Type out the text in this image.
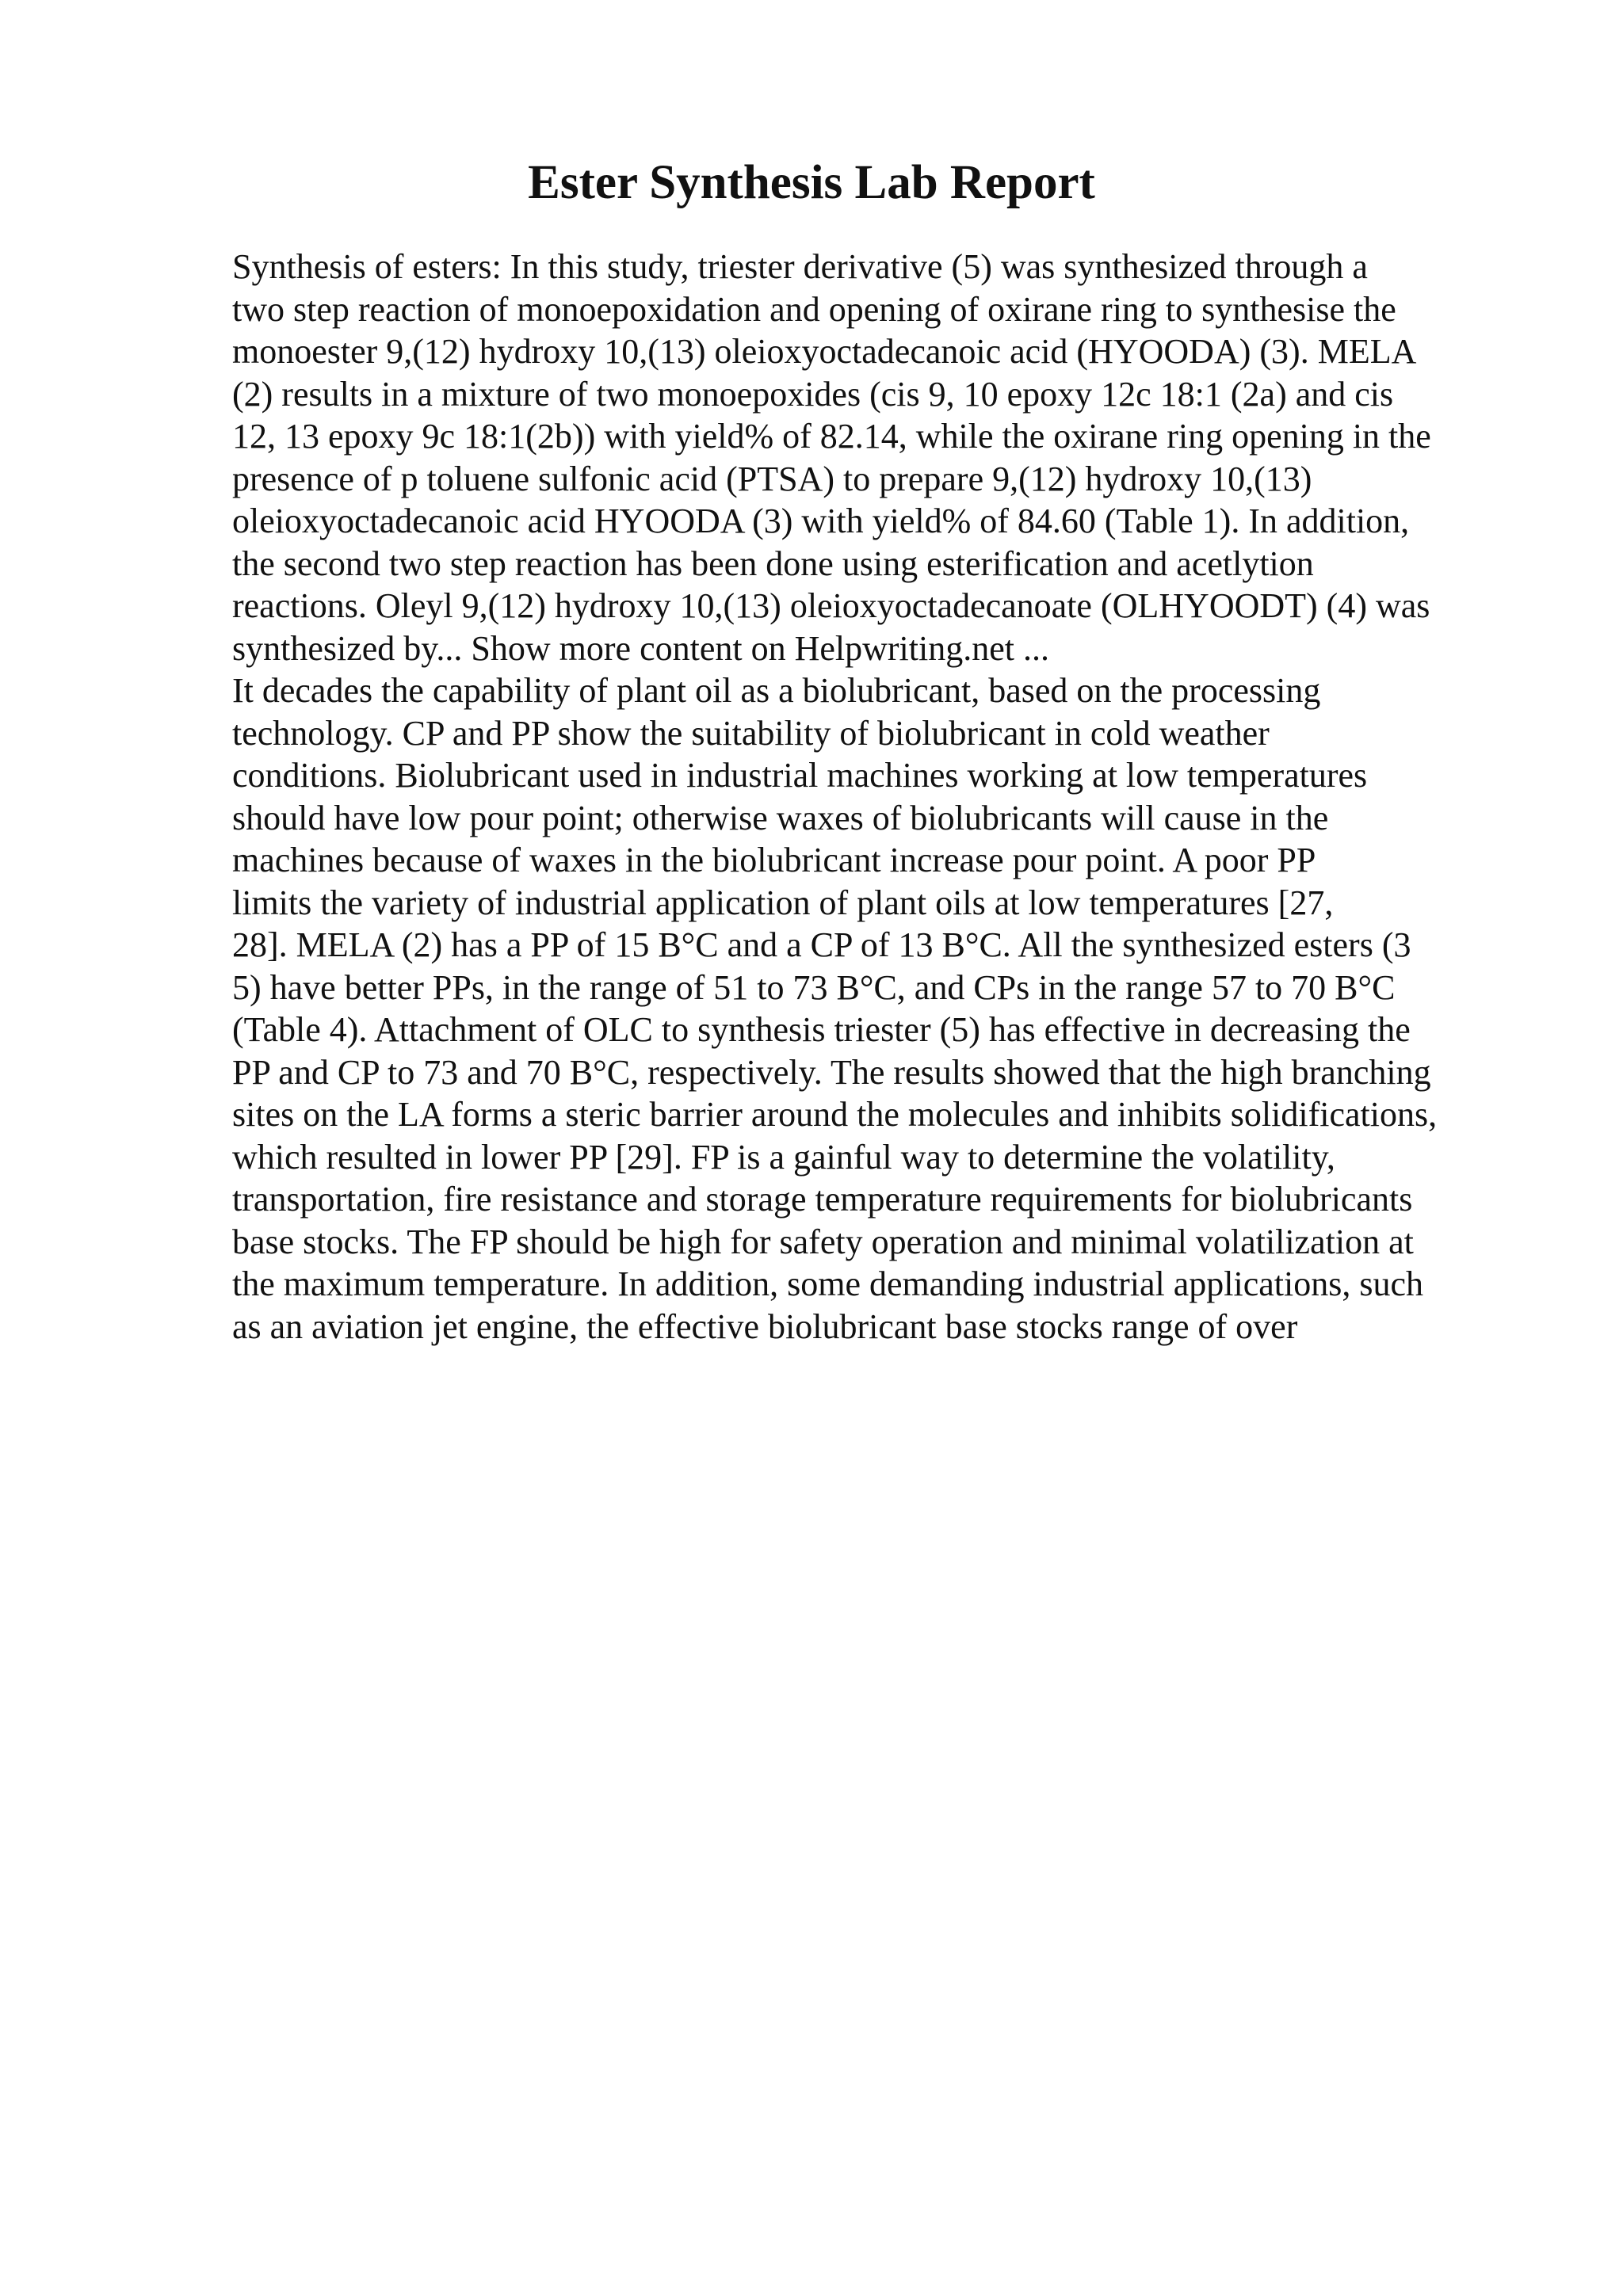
Ester Synthesis Lab Report
Synthesis of esters: In this study, triester derivative (5) was synthesized through a
two step reaction of monoepoxidation and opening of oxirane ring to synthesise the
monoester 9,(12) hydroxy 10,(13) oleioxyoctadecanoic acid (HYOODA) (3). MELA
(2) results in a mixture of two monoepoxides (cis 9, 10 epoxy 12c 18:1 (2a) and cis
12, 13 epoxy 9c 18:1(2b)) with yield% of 82.14, while the oxirane ring opening in the
presence of p toluene sulfonic acid (PTSA) to prepare 9,(12) hydroxy 10,(13)
oleioxyoctadecanoic acid HYOODA (3) with yield% of 84.60 (Table 1). In addition,
the second two step reaction has been done using esterification and acetlytion
reactions. Oleyl 9,(12) hydroxy 10,(13) oleioxyoctadecanoate (OLHYOODT) (4) was
synthesized by... Show more content on Helpwriting.net ...
It decades the capability of plant oil as a biolubricant, based on the processing
technology. CP and PP show the suitability of biolubricant in cold weather
conditions. Biolubricant used in industrial machines working at low temperatures
should have low pour point; otherwise waxes of biolubricants will cause in the
machines because of waxes in the biolubricant increase pour point. A poor PP
limits the variety of industrial application of plant oils at low temperatures [27,
28]. MELA (2) has a PP of 15 B°C and a CP of 13 B°C. All the synthesized esters (3
5) have better PPs, in the range of 51 to 73 B°C, and CPs in the range 57 to 70 B°C
(Table 4). Attachment of OLC to synthesis triester (5) has effective in decreasing the
PP and CP to 73 and 70 B°C, respectively. The results showed that the high branching
sites on the LA forms a steric barrier around the molecules and inhibits solidifications,
which resulted in lower PP [29]. FP is a gainful way to determine the volatility,
transportation, fire resistance and storage temperature requirements for biolubricants
base stocks. The FP should be high for safety operation and minimal volatilization at
the maximum temperature. In addition, some demanding industrial applications, such
as an aviation jet engine, the effective biolubricant base stocks range of over
